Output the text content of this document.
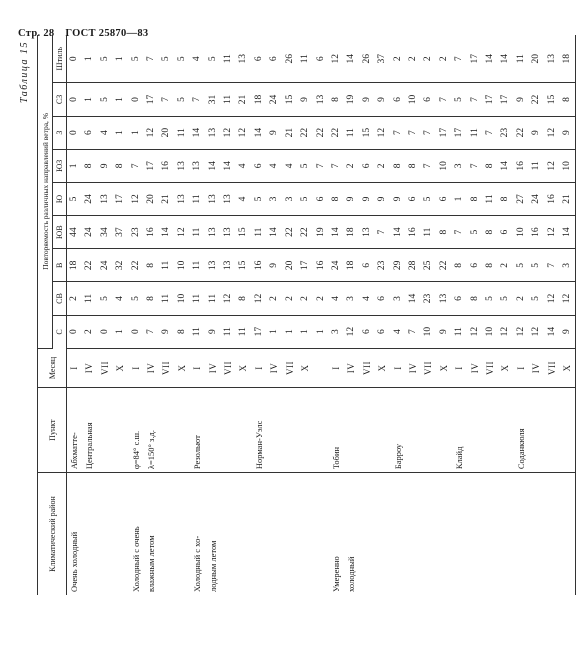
Стр. 28 ГОСТ 25870—83
Таблица 15
Климатический район	Пункт	Месяц	Повторяемость различных направлений ветра, %								
			С	СВ	В	ЮВ	Ю	ЮЗ	З	СЗ	Штиль
Очень холодный	Абхматте-	I	0	2	18	44	5	1	0	0	0
	Центральная	IV	2	11	22	24	24	8	6	1	1
		VII	0	5	24	34	13	9	4	5	5
		X	1	4	32	37	17	8	1	1	1
Холодный с очень	φ=84° с.ш.	I	0	5	22	23	12	7	1	0	5
влажным летом	λ=150° з.д.	IV	7	8	8	16	20	17	12	17	7
		VII	9	11	11	14	21	16	20	7	5
		X	8	10	10	12	13	13	11	5	5
Холодный с хо-	Резольют	I	11	11	11	11	11	13	14	7	4
лодным летом		IV	9	11	13	13	13	14	13	31	5
		VII	11	12	13	13	13	14	12	11	11
		X	11	8	15	15	4	4	12	21	13
	Норман-Уэлс	I	17	12	16	11	5	6	14	18	6
		IV	1	2	9	14	3	4	9	24	6
		VII	1	2	20	22	3	4	21	15	26
		X	1	2	17	22	5	5	22	9	11
			1	2	16	19	6	7	22	13	6
Умеренно	Тобин	I	3	4	24	14	8	7	22	8	12
холодный		IV	12	3	18	18	9	2	11	19	14
		VII	6	4	6	13	9	6	15	9	26
		X	6	6	23	7	9	2	12	9	37
	Барроу	I	4	3	29	14	9	8	7	6	2
		IV	7	14	28	16	6	8	7	10	2
		VII	10	23	25	11	5	7	7	6	2
		X	9	13	22	8	6	10	17	7	2
	Клайд	I	11	6	8	7	1	3	17	5	7
		IV	12	8	6	5	8	7	11	7	17
		VII	10	5	8	8	11	8	7	17	14
		X	12	5	2	6	8	14	23	17	14
	Соданкюля	I	12	2	5	10	27	16	22	9	11
		IV	12	5	5	16	24	11	9	22	20
		VII	14	12	7	12	16	12	12	15	13
		X	9	12	3	14	21	10	9	8	18
